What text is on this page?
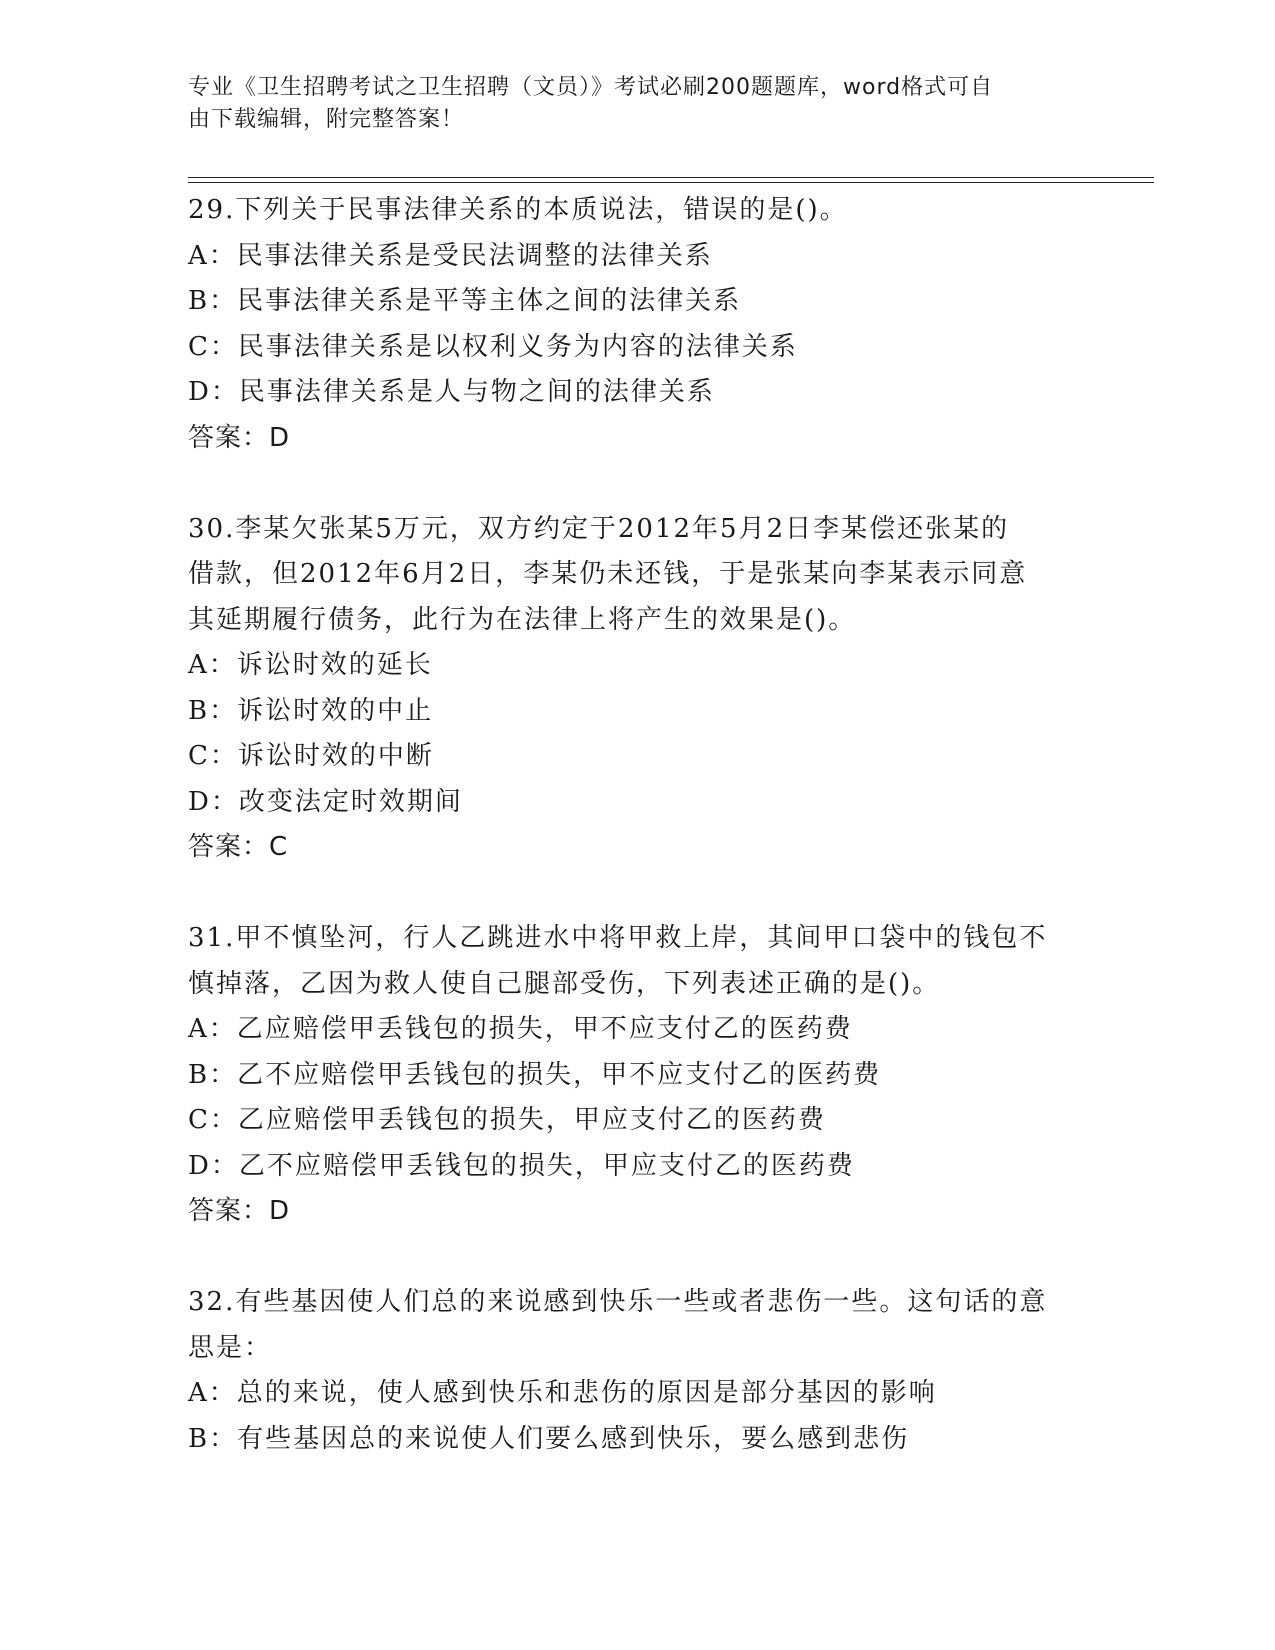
专业《卫生招聘考试之卫生招聘（文员）》考试必刷200题题库，word格式可自
由下载编辑，附完整答案！
29.下列关于民事法律关系的本质说法，错误的是()。
A：民事法律关系是受民法调整的法律关系
B：民事法律关系是平等主体之间的法律关系
C：民事法律关系是以权利义务为内容的法律关系
D：民事法律关系是人与物之间的法律关系
答案：D
30.李某欠张某5万元，双方约定于2012年5月2日李某偿还张某的
借款，但2012年6月2日，李某仍未还钱，于是张某向李某表示同意
其延期履行债务，此行为在法律上将产生的效果是()。
A：诉讼时效的延长
B：诉讼时效的中止
C：诉讼时效的中断
D：改变法定时效期间
答案：C
31.甲不慎坠河，行人乙跳进水中将甲救上岸，其间甲口袋中的钱包不
慎掉落，乙因为救人使自己腿部受伤，下列表述正确的是()。
A：乙应赔偿甲丢钱包的损失，甲不应支付乙的医药费
B：乙不应赔偿甲丢钱包的损失，甲不应支付乙的医药费
C：乙应赔偿甲丢钱包的损失，甲应支付乙的医药费
D：乙不应赔偿甲丢钱包的损失，甲应支付乙的医药费
答案：D
32.有些基因使人们总的来说感到快乐一些或者悲伤一些。这句话的意
思是：
A：总的来说，使人感到快乐和悲伤的原因是部分基因的影响
B：有些基因总的来说使人们要么感到快乐，要么感到悲伤
